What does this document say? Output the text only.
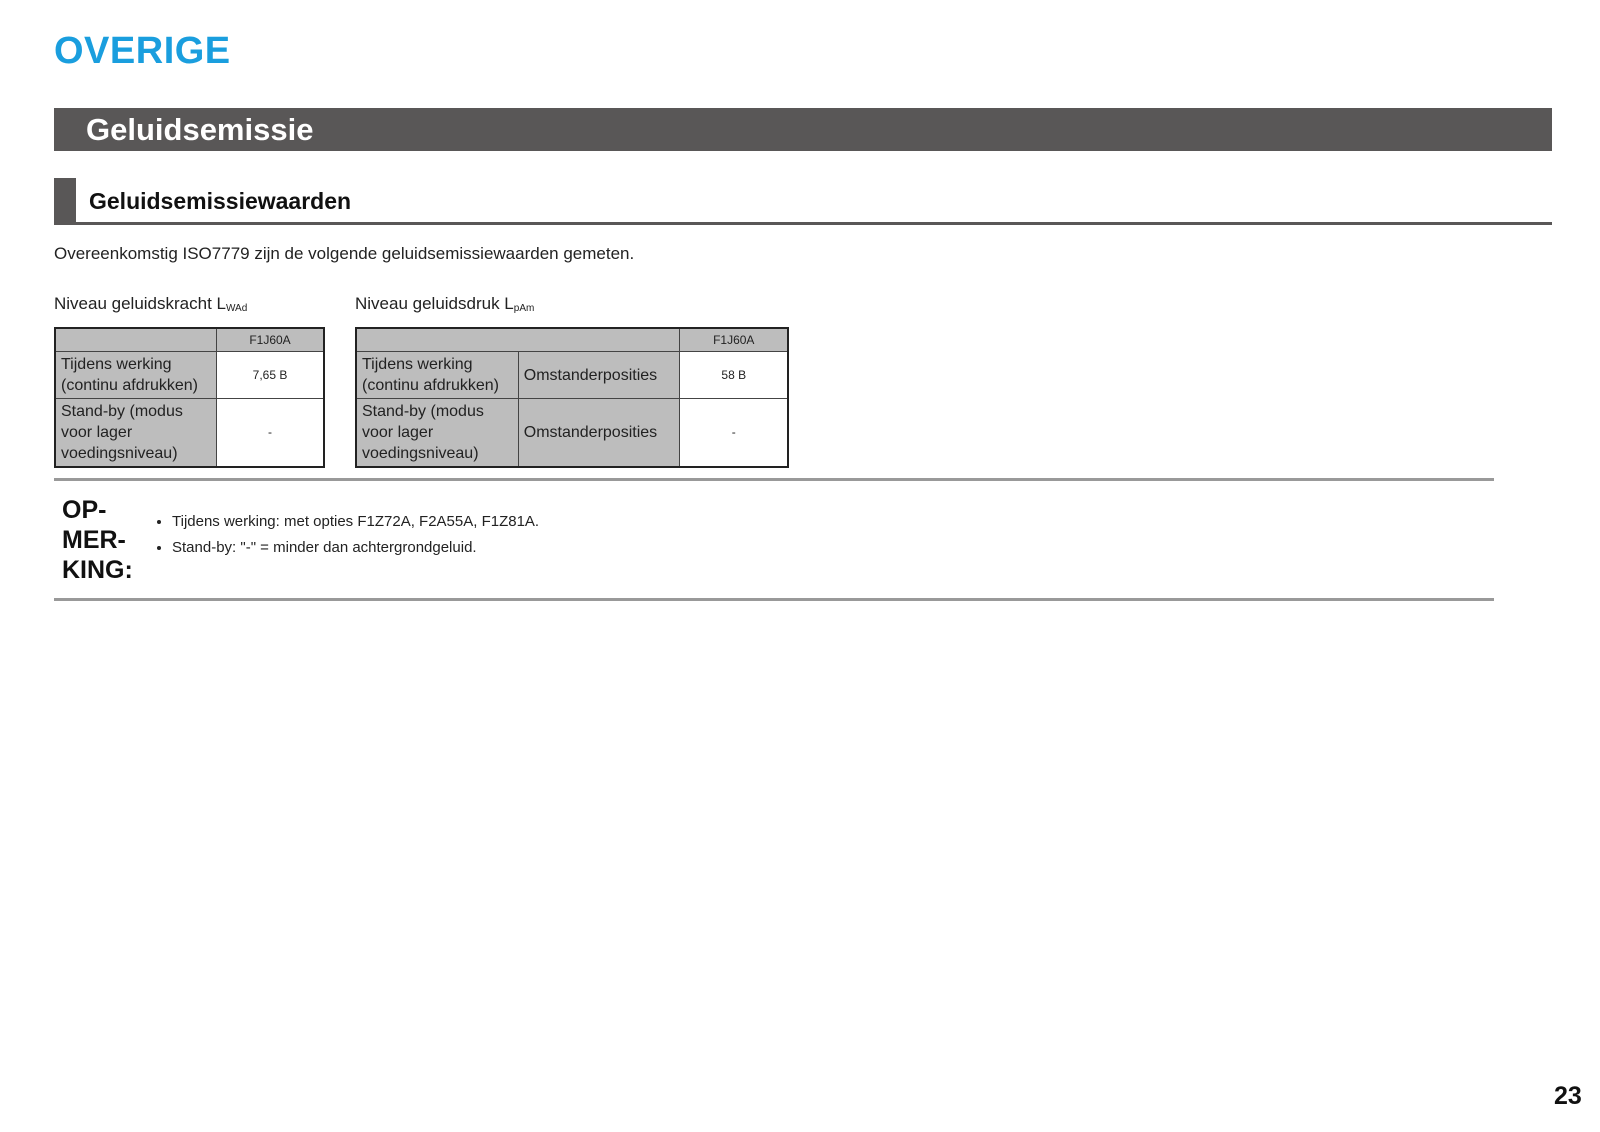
OVERIGE
Geluidsemissie
Geluidsemissiewaarden
Overeenkomstig ISO7779 zijn de volgende geluidsemissiewaarden gemeten.
Niveau geluidskracht $L_{WAd}$
	F1J60A

Tijdens werking
(continu afdrukken)	7,65 B

Stand-by (modus
voor lager
voedingsniveau)	-
Niveau geluidsdruk $L_{pAm}$
		F1J60A

Tijdens werking
(continu afdrukken)	Omstanderposities	58 B

Stand-by (modus
voor lager
voedingsniveau)	Omstanderposities	-
OP-
MER-
KING:
• Tijdens werking: met opties F1Z72A, F2A55A, F1Z81A.
• Stand-by: "-" = minder dan achtergrondgeluid.
23
